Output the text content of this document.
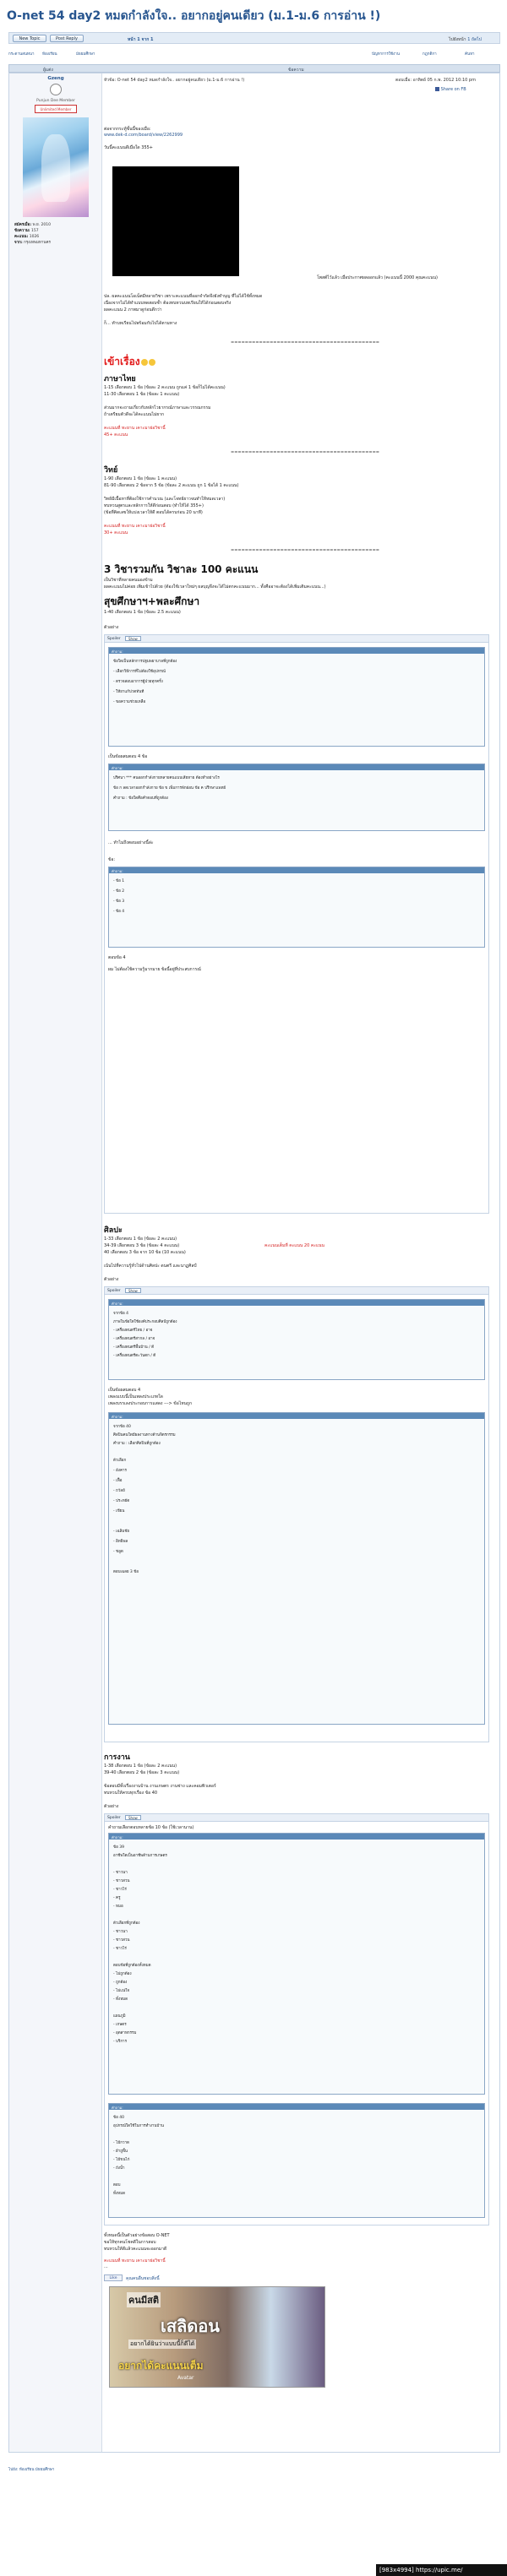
O-net 54 day2 หมดกำลังใจ.. อยากอยู่คนเดียว (ม.1-ม.6 การอ่าน !)
New Topic	Post Reply	หน้า 1 จาก 1	ไปยังหน้า 1 ถัดไป
กระดานสนทนา ห้องเรียน	มัธยมศึกษา	ปัญหาการใช้งาน	กฎกติกา	ค้นหา
ผู้แต่ง	ข้อความ
Gzeng
Punjun Dee Member
Unlimited Member
สมัครเมื่อ: พ.ย. 2010
ข้อความ: 157
คะแนน: 1026
จาก: กรุงเทพมหานคร
หัวข้อ: O-net 54 day2 หมดกำลังใจ.. อยากอยู่คนเดียว (ม.1-ม.6 การอ่าน !)	ตอบเมื่อ: อาทิตย์ 05 ก.พ. 2012 10:10 pm
Share on FB
ต่อจากกระทู้ขั้นนี้ของเมื่อ:
www.dek-d.com/board/view/2262999
วันนี้คะแนนดีเมื่อใด 355+
โพสต์ไว้แล้ว เมื่อประกาศผลออกแล้ว (คะแนนนี้ 2000 คุณคะแนน)
ปล. ผลคะแนนโอเน็ตมีหลายวิชา เพราะคะแนนที่ออกจำกัดจึงยังทำบุญ ที่ไม่ได้ใช้ทั้งหมด
เนื่องจากไม่ได้ทำแบบทดสอบซ้ำ ต้องทบทวนบทเรียนให้ได้ก่อนสอบจริง
ผลคะแนน 2 ภาพมาดูก่อนดีกว่า
ก็... ทำบทเรียนไปพร้อมกับไปได้ตามทาง
==========================================
เข้าเรื่อง
ภาษาไทย
1-15 เลือกตอบ 1 ข้อ (ข้อละ 2 คะแนน ถูกแค่ 1 ข้อก็ไม่ได้คะแนน)
11-30 เลือกตอบ 1 ข้อ (ข้อละ 1 คะแนน)
ส่วนมากจะถามเกี่ยวกับหลักไวยากรณ์ภาษาและวรรณกรรม
ถ้าเตรียมตัวดีจะได้คะแนนไม่ยาก
คะแนนที่ ทะยาน เคาะมาย่อวิชานี้
45+ คะแนน
==========================================
วิทย์
1-90 เลือกตอบ 1 ข้อ (ข้อละ 1 คะแนน)
81-90 เลือกตอบ 2 ข้อจาก 5 ข้อ (ข้อละ 2 คะแนน ถูก 1 ข้อได้ 1 คะแนน)
วิทย์มีเนื้อหาที่ต้องใช้การคำนวณ (และโจทย์ยาวจนทำให้หมดเวลา)
ทบทวนสูตรและหลักการให้ดีก่อนสอบ (ทำให้ได้ 355+)
(ข้อที่คิดเลขให้แบ่งเวลาให้ดี ตอบได้ครบก่อน 20 นาที)
คะแนนที่ ทะยาน เคาะมาย่อวิชานี้
30+ คะแนน
==========================================
3 วิชารวมกัน วิชาละ 100 คะแนน
เป็นวิชาที่หลายคนมองข้าม
ผลคะแนนไม่ค่อย เพิ่มเข้าไปด้วย (ต้องใช้เวลาใหม่ๆ ผลบุญจึงจะได้ไม่ตกคะแนนมาก... ทั้งคืออาจะต้องได้เพิ่มเติมคะแนน...)
สุขศึกษาฯ+พละศึกษา
1-40 เลือกตอบ 1 ข้อ (ข้อละ 2.5 คะแนน)
ตัวอย่าง
Spoiler	Show
คำถาม:
ข้อใดเป็นหลักการปฐมพยาบาลที่ถูกต้อง
- เลือกวิธีการที่ไม่ต้องใช้อุปกรณ์
- ตรวจสอบอาการผู้ป่วยทุกครั้ง
- ให้ยาแก้ปวดทันที
- ขอความช่วยเหลือ
เป็นข้อผสมตอบ 4 ข้อ
คำถาม:
ปริศนา *** คนออกกำลังกายหลายคนแบบเสียหาย ต้องทำอย่างไร
ข้อ ก ลดเวลาออกกำลังกาย ข้อ ข เพิ่มการพักผ่อน ข้อ ค ปรึกษาแพทย์
คำถาม : ข้อใดคือคำตอบที่ถูกต้อง
... ทำไมถึงตอบอย่างนี้ล่ะ
ข้อ:
คำถาม:
- ข้อ 1
- ข้อ 2
- ข้อ 3
- ข้อ 4
ตอบข้อ 4
ผม ไม่ต้องใช้ความรู้มากมาย ข้อนี้อยู่ที่ประสบการณ์
ศิลปะ
1-33 เลือกตอบ 1 ข้อ (ข้อละ 2 คะแนน)
34-39 เลือกตอบ 3 ข้อ (ข้อละ 4 คะแนน)
40 เลือกตอบ 3 ข้อ จาก 10 ข้อ (10 คะแนน)
คะแนนเต็มที่ คะแนน 20 คะแนน
เน้นไปที่ความรู้ทั่วไปด้านศิลปะ ดนตรี และนาฏศิลป์
ตัวอย่าง
Spoiler	Show
คำถาม:
จากข้อ 4
ภาพในข้อใดใช้องค์ประกอบศิลป์ถูกต้อง
- เครื่องดนตรีไทย / อาจ
- เครื่องดนตรีสากล / อาจ
- เครื่องดนตรีพื้นบ้าน / ดี
- เครื่องดนตรีตะวันตก / ดี
เป็นข้อผสมตอบ 4
เพลงแบบนี้เป็นเพลงประเภทใด
เพลงบรรเลงประกอบการแสดง ---> ข้อไหนถูก
คำถาม:
จากข้อ 40
ศิลปินคนใดมีผลงานทางด้านจิตรกรรม
คำถาม : เลือกศิลปินที่ถูกต้อง
ตัวเลือก
- อังคาร
- เฟื้อ
- ถวัลย์
- ประหยัด
- เขียน
- เฉลิมชัย
- อิทธิพล
- ชลูด
ตอบเฉลย 3 ข้อ
การงาน
1-38 เลือกตอบ 1 ข้อ (ข้อละ 2 คะแนน)
39-40 เลือกตอบ 2 ข้อ (ข้อละ 3 คะแนน)
ข้อสอบมีทั้งเรื่องงานบ้าน งานเกษตร งานช่าง และคอมพิวเตอร์
ทบทวนให้ครบทุกเรื่อง ข้อ 40
ตัวอย่าง
Spoiler	Show
คำถามเลือกตอบหลายข้อ 10 ข้อ (ใช้เวลานาน)
คำถาม:
ข้อ 39
อาชีพใดเป็นอาชีพด้านการเกษตร
- ชาวนา
- ชาวสวน
- ชาวไร่
- ครู
- หมอ
ตัวเลือกที่ถูกต้อง
- ชาวนา
- ชาวสวน
- ชาวไร่
ตอบข้อที่ถูกต้องทั้งหมด
- ไม่ถูกต้อง
- ถูกต้อง
- ไม่แน่ใจ
- ทั้งหมด
แผนภูมิ
- เกษตร
- อุตสาหกรรม
- บริการ
คำถาม:
ข้อ 40
อุปกรณ์ใดใช้ในการทำงานบ้าน
- ไม้กวาด
- ผ้าถูพื้น
- ไม้ขนไก่
- ถังน้ำ
ตอบ
ทั้งหมด
ทั้งหมดนี้เป็นตัวอย่างข้อสอบ O-NET
ขอให้ทุกคนโชคดีในการสอบ
ทบทวนให้ดีแล้วคะแนนจะออกมาดี
คะแนนที่ ทะยาน เคาะมาย่อวิชานี้
...
Like	คุณคนอื่นชอบสิ่งนี้
คนมีสติ
เสลิดอน
อยากได้ยินว่าแบบนี้ก็ดีได้
อยากได้คะแนนเต็ม
Avatar
ไปยัง: ห้องเรียน มัธยมศึกษา
[983x4994] https://upic.me/
